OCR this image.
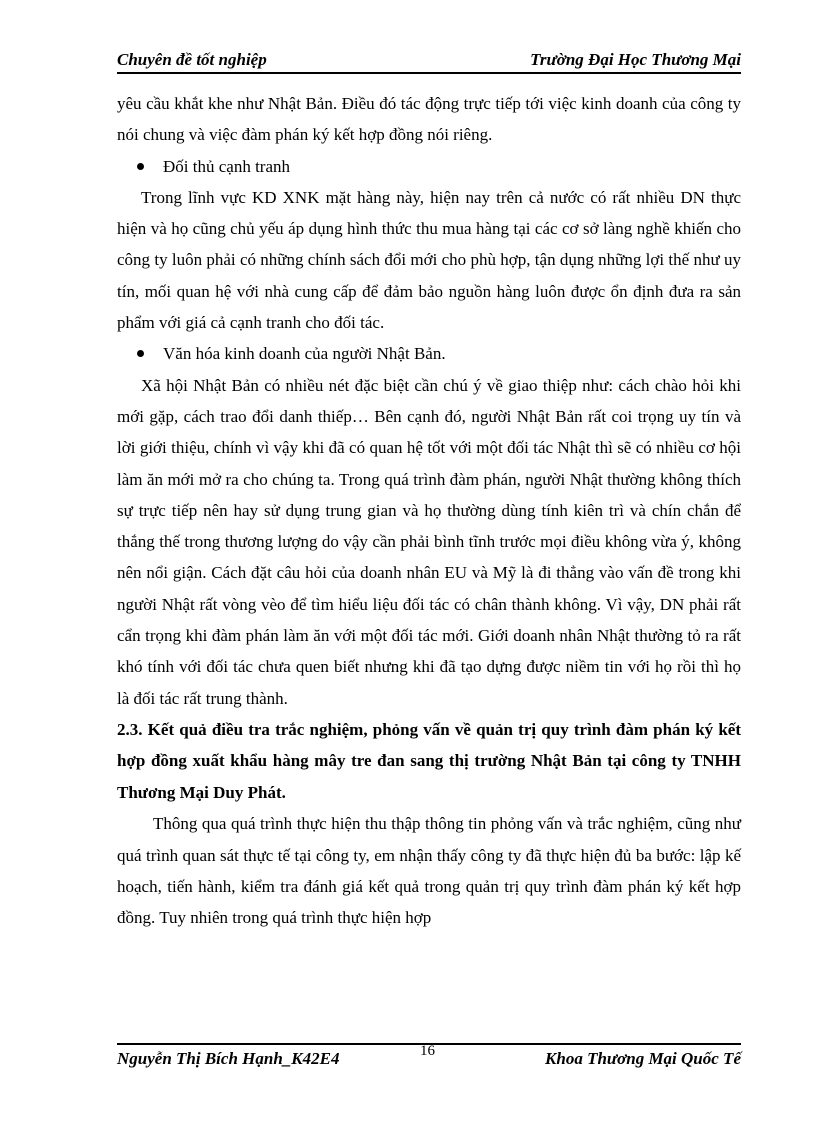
Chuyên đề tốt nghiệp	Trường Đại Học Thương Mại

yêu cầu khắt khe như Nhật Bản. Điều đó tác động trực tiếp tới việc kinh doanh của công ty nói chung và việc đàm phán ký kết hợp đồng nói riêng.

Đối thủ cạnh tranh

Trong lĩnh vực KD XNK mặt hàng này, hiện nay trên cả nước có rất nhiều DN thực hiện và họ cũng chủ yếu áp dụng hình thức thu mua hàng tại các cơ sở làng nghề khiến cho công ty luôn phải có những chính sách đổi mới cho phù hợp, tận dụng những lợi thế như uy tín, mối quan hệ với nhà cung cấp để đảm bảo nguồn hàng luôn được ổn định đưa ra sản phẩm với giá cả cạnh tranh cho đối tác.

Văn hóa kinh doanh của người Nhật Bản.

Xã hội Nhật Bản có nhiều nét đặc biệt cần chú ý về giao thiệp như: cách chào hỏi khi mới gặp, cách trao đổi danh thiếp… Bên cạnh đó, người Nhật Bản rất coi trọng uy tín và lời giới thiệu, chính vì vậy khi đã có quan hệ tốt với một đối tác Nhật thì sẽ có nhiều cơ hội làm ăn mới mở ra cho chúng ta. Trong quá trình đàm phán, người Nhật thường không thích sự trực tiếp nên hay sử dụng trung gian và họ thường dùng tính kiên trì và chín chắn để thắng thế trong thương lượng do vậy cần phải bình tĩnh trước mọi điều không vừa ý, không nên nổi giận. Cách đặt câu hỏi của doanh nhân EU và Mỹ là đi thẳng vào vấn đề trong khi người Nhật rất vòng vèo để tìm hiểu liệu đối tác có chân thành không. Vì vậy, DN phải rất cẩn trọng khi đàm phán làm ăn với một đối tác mới. Giới doanh nhân Nhật thường tỏ ra rất khó tính với đối tác chưa quen biết nhưng khi đã tạo dựng được niềm tin với họ rồi thì họ là đối tác rất trung thành.

2.3. Kết quả điều tra trắc nghiệm, phỏng vấn về quản trị quy trình đàm phán ký kết hợp đồng xuất khẩu hàng mây tre đan sang thị trường Nhật Bản tại công ty TNHH Thương Mại Duy Phát.

Thông qua quá trình thực hiện thu thập thông tin phỏng vấn và trắc nghiệm, cũng như quá trình quan sát thực tế tại công ty, em nhận thấy công ty đã thực hiện đủ ba bước: lập kế hoạch, tiến hành, kiểm tra đánh giá kết quả trong quản trị quy trình đàm phán ký kết hợp đồng. Tuy nhiên trong quá trình thực hiện hợp

Nguyễn Thị Bích Hạnh_K42E4	16	Khoa Thương Mại Quốc Tế
